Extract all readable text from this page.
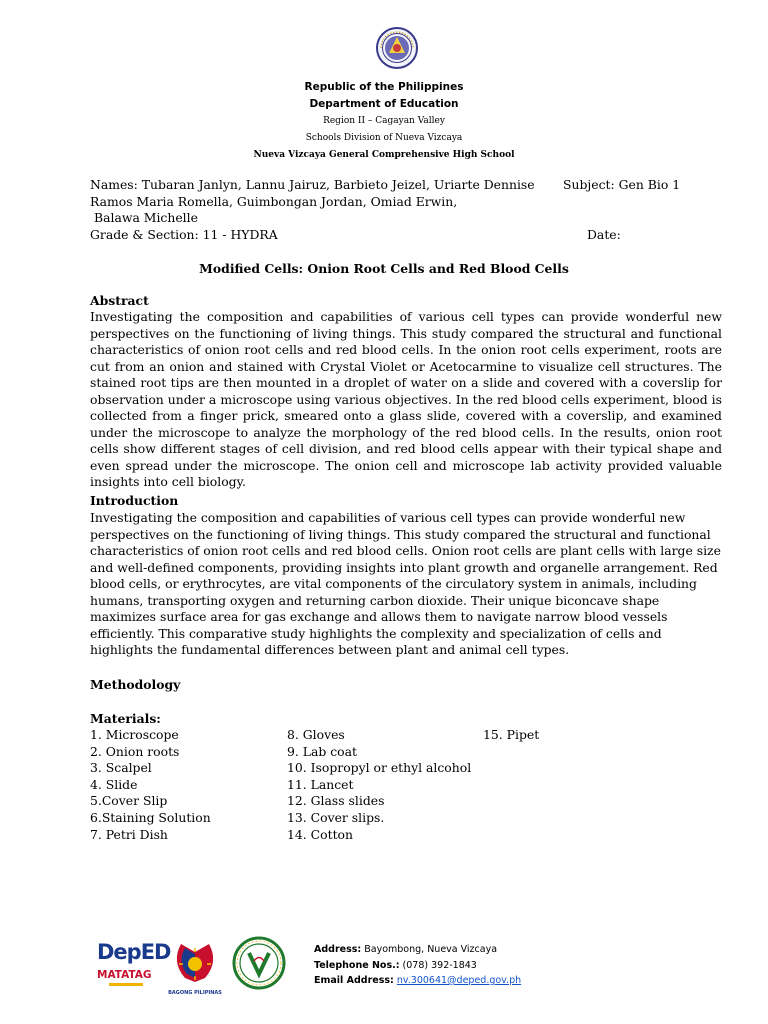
Republic of the Philippines
Department of Education
Region II – Cagayan Valley
Schools Division of Nueva Vizcaya
Nueva Vizcaya General Comprehensive High School
Names: Tubaran Janlyn, Lannu Jairuz, Barbieto Jeizel, Uriarte Dennise Subject: Gen Bio 1
Ramos Maria Romella, Guimbongan Jordan, Omiad Erwin,
Balawa Michelle
Grade & Section: 11 - HYDRA	Date:
Modified Cells: Onion Root Cells and Red Blood Cells
Abstract
Investigating the composition and capabilities of various cell types can provide wonderful new perspectives on the functioning of living things. This study compared the structural and functional characteristics of onion root cells and red blood cells. In the onion root cells experiment, roots are cut from an onion and stained with Crystal Violet or Acetocarmine to visualize cell structures. The stained root tips are then mounted in a droplet of water on a slide and covered with a coverslip for observation under a microscope using various objectives. In the red blood cells experiment, blood is collected from a finger prick, smeared onto a glass slide, covered with a coverslip, and examined under the microscope to analyze the morphology of the red blood cells. In the results, onion root cells show different stages of cell division, and red blood cells appear with their typical shape and even spread under the microscope. The onion cell and microscope lab activity provided valuable insights into cell biology.
Introduction
Investigating the composition and capabilities of various cell types can provide wonderful new perspectives on the functioning of living things. This study compared the structural and functional characteristics of onion root cells and red blood cells. Onion root cells are plant cells with large size and well-defined components, providing insights into plant growth and organelle arrangement. Red blood cells, or erythrocytes, are vital components of the circulatory system in animals, including humans, transporting oxygen and returning carbon dioxide. Their unique biconcave shape maximizes surface area for gas exchange and allows them to navigate narrow blood vessels efficiently. This comparative study highlights the complexity and specialization of cells and highlights the fundamental differences between plant and animal cell types.
Methodology
Materials:
1. Microscope
2. Onion roots
3. Scalpel
4. Slide
5.Cover Slip
6.Staining Solution
7. Petri Dish
8. Gloves
9. Lab coat
10. Isopropyl or ethyl alcohol
11. Lancet
12. Glass slides
13. Cover slips.
14. Cotton
15. Pipet
DepED
MATATAG
BAGONG PILIPINAS
Address: Bayombong, Nueva Vizcaya
Telephone Nos.: (078) 392-1843
Email Address: nv.300641@deped.gov.ph
